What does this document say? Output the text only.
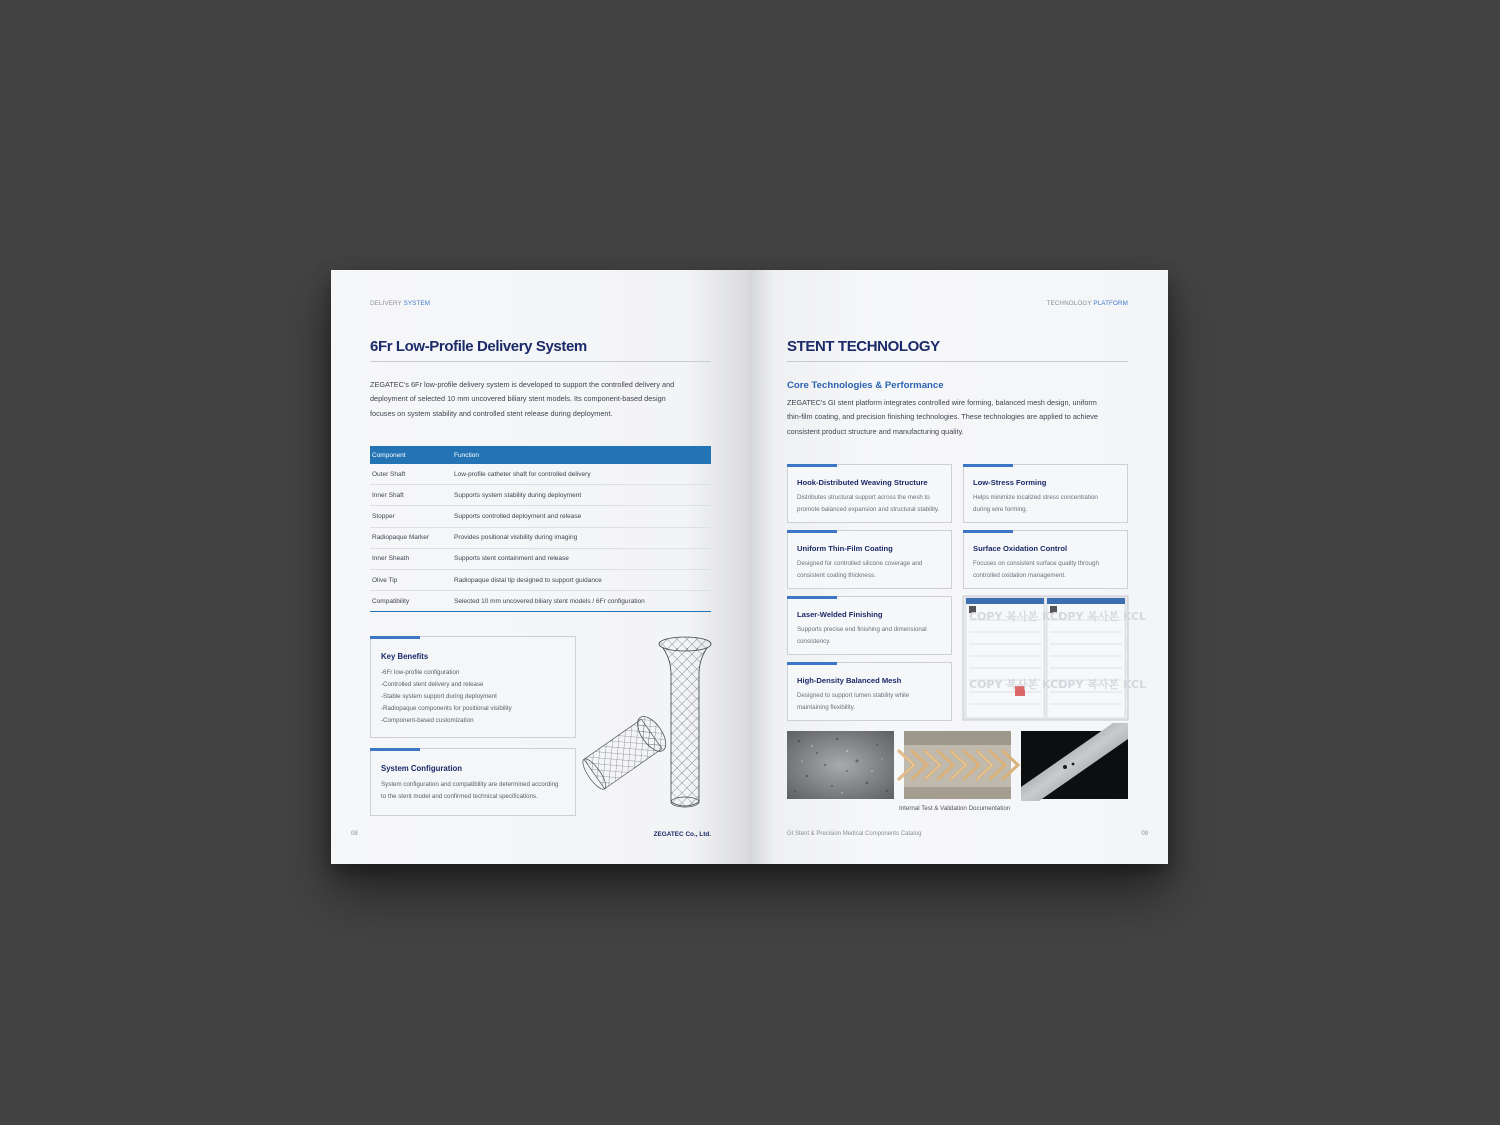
DELIVERY SYSTEM
6Fr Low-Profile Delivery System
ZEGATEC's 6Fr low-profile delivery system is developed to support the controlled delivery and
deployment of selected 10 mm uncovered biliary stent models. Its component-based design
focuses on system stability and controlled stent release during deployment.
Component	Function
Outer Shaft	Low-profile catheter shaft for controlled delivery
Inner Shaft	Supports system stability during deployment
Stopper	Supports controlled deployment and release
Radiopaque Marker	Provides positional visibility during imaging
Inner Sheath	Supports stent containment and release
Olive Tip	Radiopaque distal tip designed to support guidance
Compatibility	Selected 10 mm uncovered biliary stent models / 6Fr configuration
Key Benefits
-6Fr low-profile configuration
-Controlled stent delivery and release
-Stable system support during deployment
-Radiopaque components for positional visibility
-Component-based customization
System Configuration
System configuration and compatibility are determined according
to the stent model and confirmed technical specifications.
08	ZEGATEC Co., Ltd.
TECHNOLOGY PLATFORM
STENT TECHNOLOGY
Core Technologies & Performance
ZEGATEC's GI stent platform integrates controlled wire forming, balanced mesh design, uniform
thin-film coating, and precision finishing technologies. These technologies are applied to achieve
consistent product structure and manufacturing quality.
Hook-Distributed Weaving Structure
Distributes structural support across the mesh to
promote balanced expansion and structural stability.
Low-Stress Forming
Helps minimize localized stress concentration
during wire forming.
Uniform Thin-Film Coating
Designed for controlled silicone coverage and
consistent coating thickness.
Surface Oxidation Control
Focuses on consistent surface quality through
controlled oxidation management.
Laser-Welded Finishing
Supports precise end finishing and dimensional
consistency.
High-Density Balanced Mesh
Designed to support lumen stability while
maintaining flexibility.
COPY 복사본 KCL
COPY 복사본 KCL
COPY 복사본 KCL
COPY 복사본 KCL
Internal Test & Validation Documentation
GI Stent & Precision Medical Components Catalog	09
